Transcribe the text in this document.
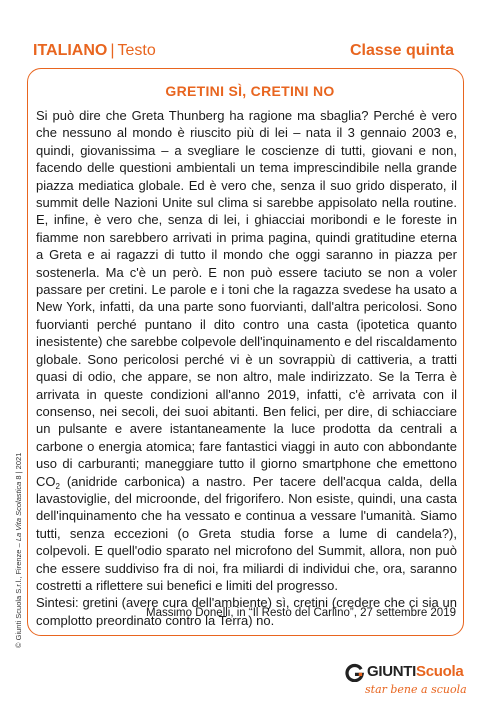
ITALIANO | Testo	Classe quinta
GRETINI SÌ, CRETINI NO

Si può dire che Greta Thunberg ha ragione ma sbaglia? Perché è vero che nessuno al mondo è riuscito più di lei – nata il 3 gennaio 2003 e, quindi, giovanissima – a svegliare le coscienze di tutti, giovani e non, facendo delle questioni ambientali un tema imprescindibile nella grande piazza mediatica globale. Ed è vero che, senza il suo grido disperato, il summit delle Nazioni Unite sul clima si sarebbe appisolato nella routine. E, infine, è vero che, senza di lei, i ghiacciai moribondi e le foreste in fiamme non sarebbero arrivati in prima pagina, quindi gratitudine eterna a Greta e ai ragazzi di tutto il mondo che oggi saranno in piazza per sostenerla. Ma c'è un però. E non può essere taciuto se non a voler passare per cretini. Le parole e i toni che la ragazza svedese ha usato a New York, infatti, da una parte sono fuorvianti, dall'altra pericolosi. Sono fuorvianti perché puntano il dito contro una casta (ipotetica quanto inesistente) che sarebbe colpevole dell'inquinamento e del riscaldamento globale. Sono pericolosi perché vi è un sovrappiù di cattiveria, a tratti quasi di odio, che appare, se non altro, male indirizzato. Se la Terra è arrivata in queste condizioni all'anno 2019, infatti, c'è arrivata con il consenso, nei secoli, dei suoi abitanti. Ben felici, per dire, di schiacciare un pulsante e avere istantaneamente la luce prodotta da centrali a carbone o energia atomica; fare fantastici viaggi in auto con abbondante uso di carburanti; maneggiare tutto il giorno smartphone che emettono $CO_2$ (anidride carbonica) a nastro. Per tacere dell'acqua calda, della lavastoviglie, del microonde, del frigorifero. Non esiste, quindi, una casta dell'inquinamento che ha vessato e continua a vessare l'umanità. Siamo tutti, senza eccezioni (o Greta studia forse a lume di candela?), colpevoli. E quell'odio sparato nel microfono del Summit, allora, non può che essere suddiviso fra di noi, fra miliardi di individui che, ora, saranno costretti a riflettere sui benefici e limiti del progresso.

Sintesi: gretini (avere cura dell'ambiente) sì, cretini (credere che ci sia un complotto preordinato contro la Terra) no.

Massimo Donelli, in “Il Resto del Carlino”, 27 settembre 2019
© Giunti Scuola S.r.l., Firenze – La Vita Scolastica 8 | 2021
GIUNTIScuola
star bene a scuola
